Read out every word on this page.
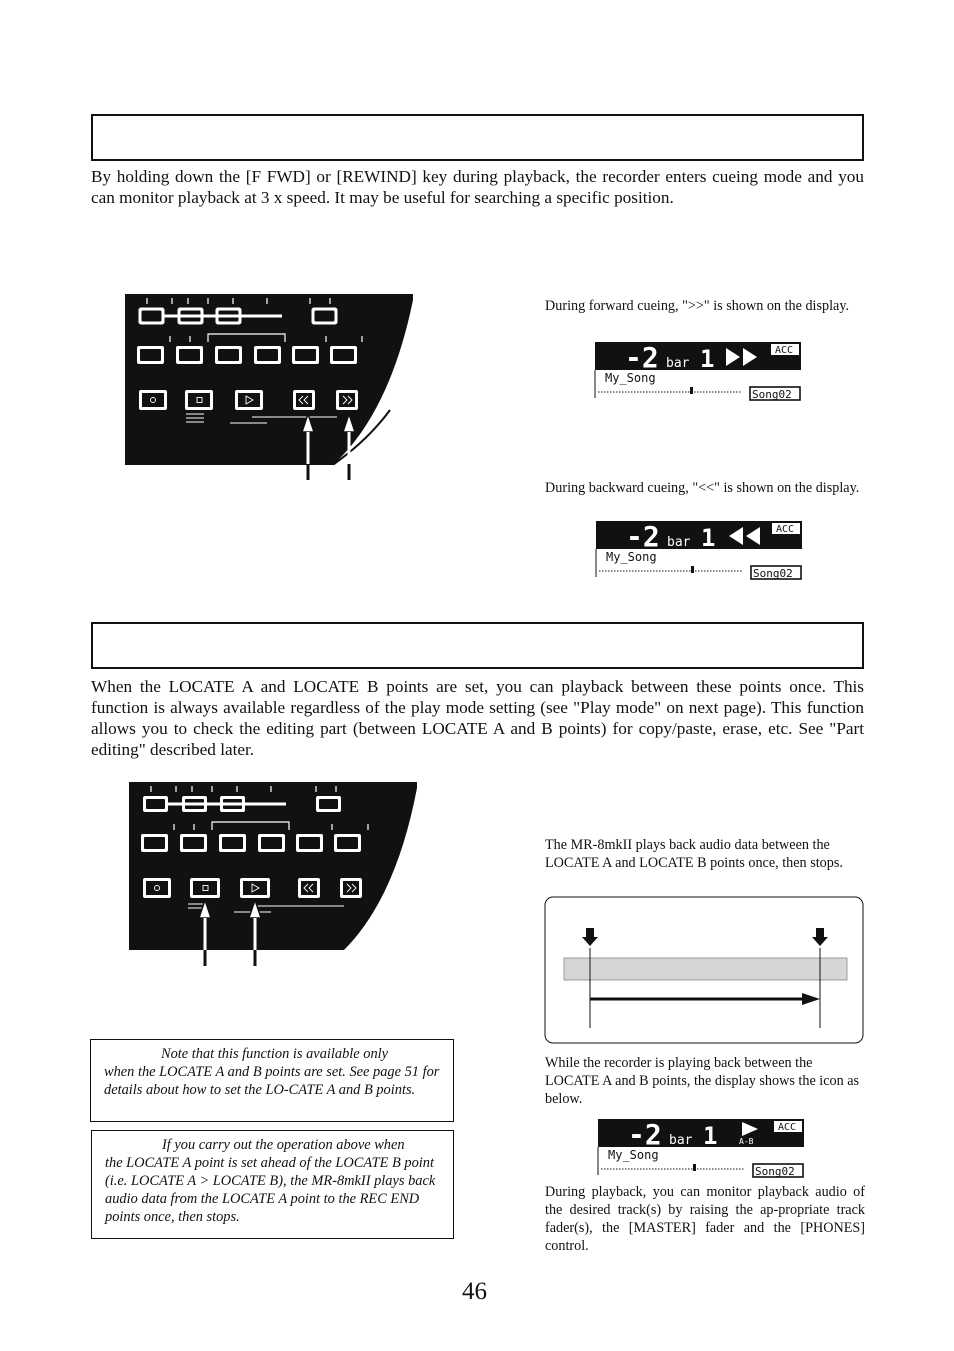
By holding down the [F FWD] or [REWIND] key during playback, the recorder enters cueing mode and you can monitor playback at 3 x speed. It may be useful for searching a specific position.
During forward cueing, ">>" is shown on the display.
-2 bar 1	ACC
My_Song
Song02
During backward cueing, "<<" is shown on the display.
-2 bar 1	ACC
My_Song
Song02
When the LOCATE A and LOCATE B points are set, you can playback between these points once. This function is always available regardless of the play mode setting (see "Play mode" on next page). This function allows you to check the editing part (between LOCATE A and B points) for copy/paste, erase, etc. See "Part editing" described later.
The MR-8mkII plays back audio data between the LOCATE A and LOCATE B points once, then stops.
While the recorder is playing back between the LOCATE A and B points, the display shows the icon as below.
-2 bar 1	A-B
ACC
My_Song
Song02
During playback, you can monitor playback audio of the desired track(s) by raising the ap-propriate track fader(s), the [MASTER] fader and the [PHONES] control.
Note that this function is available only

when the LOCATE A and B points are set. See page 51 for details about how to set the LO-CATE A and B points.

If you carry out the operation above when

the LOCATE A point is set ahead of the LOCATE B point (i.e. LOCATE A > LOCATE B), the MR-8mkII plays back audio data from the LOCATE A point to the REC END points once, then stops.

46
